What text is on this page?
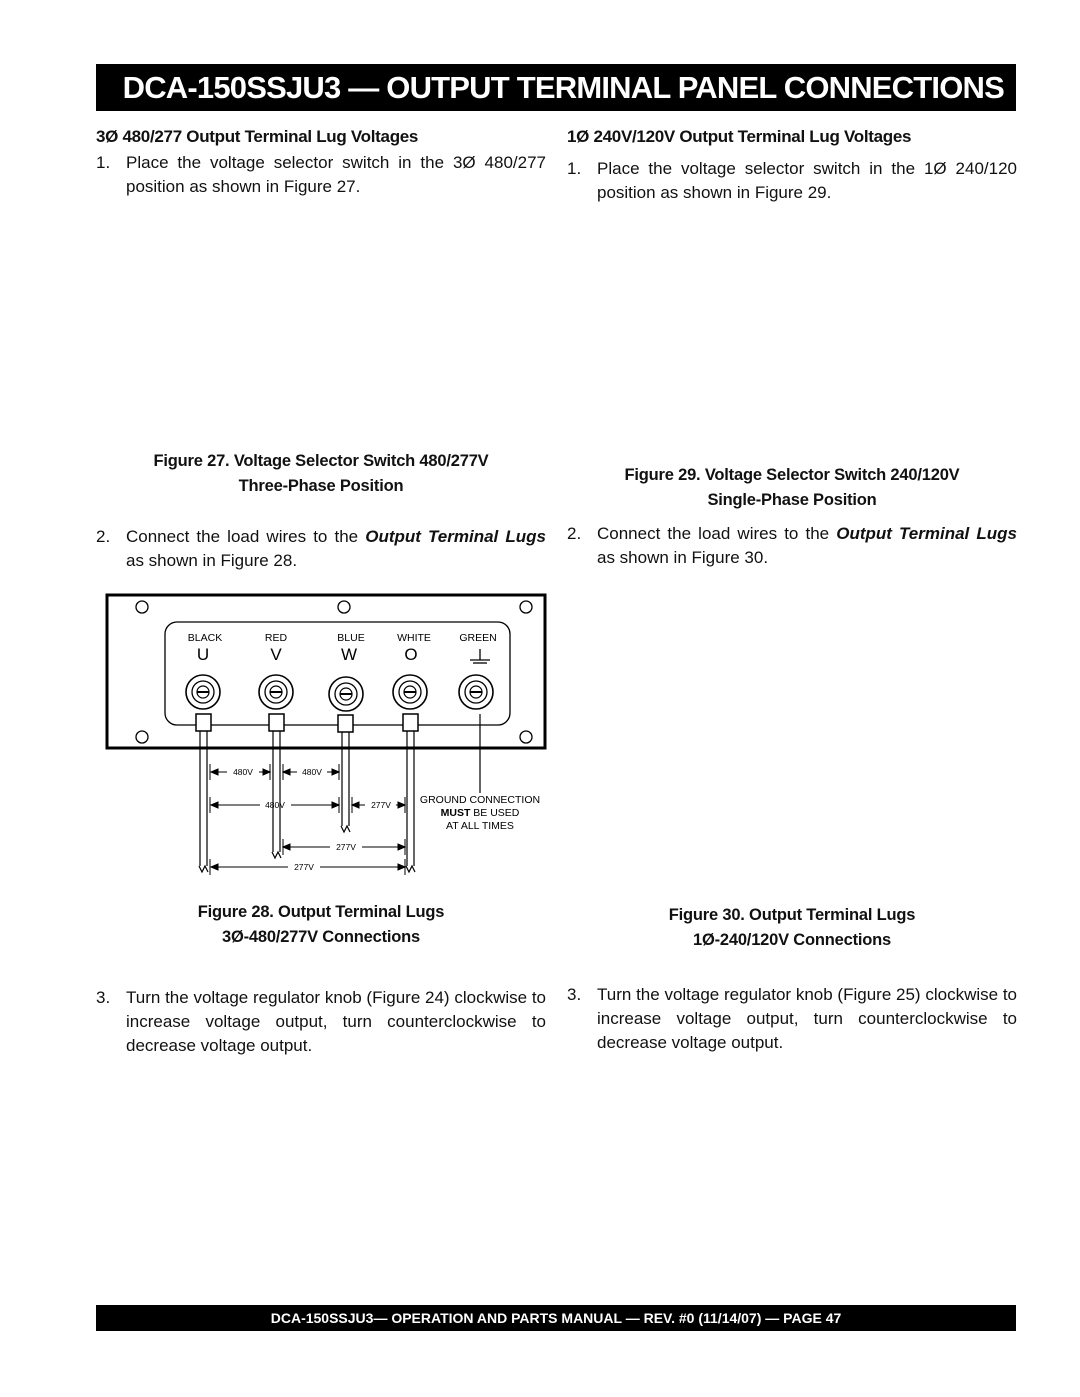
DCA-150SSJU3 — OUTPUT TERMINAL PANEL CONNECTIONS
3Ø 480/277 Output Terminal Lug Voltages
1. Place the voltage selector switch in the 3Ø 480/277 position as shown in Figure 27.
Figure 27. Voltage Selector Switch 480/277V
Three-Phase Position
2. Connect the load wires to the Output Terminal Lugs as shown in Figure 28.
BLACK	RED	BLUE	WHITE	GREEN
U	V	W	O
480V	480V
480V	277V
277V
277V
GROUND CONNECTION
MUST BE USED
AT ALL TIMES
Figure 28. Output Terminal Lugs
3Ø-480/277V Connections
3. Turn the voltage regulator knob (Figure 24) clockwise to increase voltage output, turn counterclockwise to decrease voltage output.
1Ø 240V/120V Output Terminal Lug Voltages
1. Place the voltage selector switch in the 1Ø 240/120 position as shown in Figure 29.
Figure 29. Voltage Selector Switch 240/120V
Single-Phase Position
2. Connect the load wires to the Output Terminal Lugs as shown in Figure 30.
Figure 30. Output Terminal Lugs
1Ø-240/120V Connections
3. Turn the voltage regulator knob (Figure 25) clockwise to increase voltage output, turn counterclockwise to decrease voltage output.
DCA-150SSJU3— OPERATION AND PARTS MANUAL — REV. #0 (11/14/07) — PAGE 47
